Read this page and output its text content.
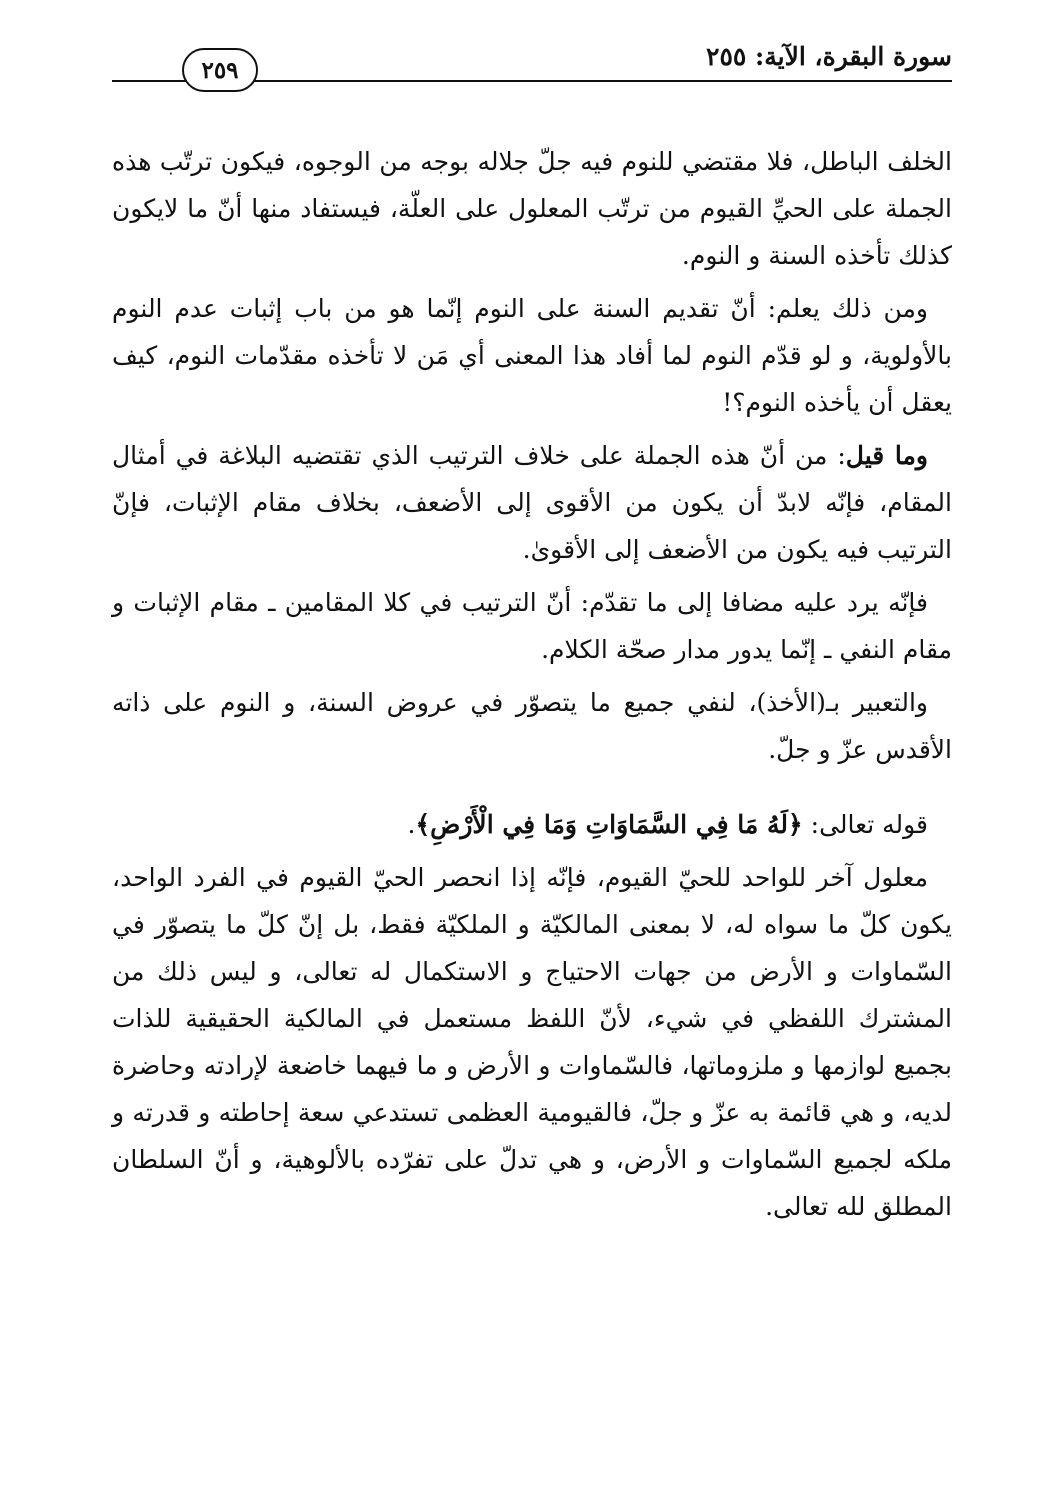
سورة البقرة، الآية: ٢٥٥
٢٥٩

الخلف الباطل، فلا مقتضي للنوم فيه جلّ جلاله بوجه من الوجوه، فيكون ترتّب هذه الجملة على الحيِّ القيوم من ترتّب المعلول على العلّة، فيستفاد منها أنّ ما لايكون كذلك تأخذه السنة و النوم.

ومن ذلك يعلم: أنّ تقديم السنة على النوم إنّما هو من باب إثبات عدم النوم بالأولوية، و لو قدّم النوم لما أفاد هذا المعنى أي مَن لا تأخذه مقدّمات النوم، كيف يعقل أن يأخذه النوم؟!

وما قيل: من أنّ هذه الجملة على خلاف الترتيب الذي تقتضيه البلاغة في أمثال المقام، فإنّه لابدّ أن يكون من الأقوى إلى الأضعف، بخلاف مقام الإثبات، فإنّ الترتيب فيه يكون من الأضعف إلى الأقوىٰ.

فإنّه يرد عليه مضافا إلى ما تقدّم: أنّ الترتيب في كلا المقامين ـ مقام الإثبات و مقام النفي ـ إنّما يدور مدار صحّة الكلام.

والتعبير بـ(الأخذ)، لنفي جميع ما يتصوّر في عروض السنة، و النوم على ذاته الأقدس عزّ و جلّ.

قوله تعالى: ﴿لَهُ مَا فِي السَّمَاوَاتِ وَمَا فِي الْأَرْضِ﴾.

معلول آخر للواحد للحيّ القيوم، فإنّه إذا انحصر الحيّ القيوم في الفرد الواحد، يكون كلّ ما سواه له، لا بمعنى المالكيّة و الملكيّة فقط، بل إنّ كلّ ما يتصوّر في السّماوات و الأرض من جهات الاحتياج و الاستكمال له تعالى، و ليس ذلك من المشترك اللفظي في شيء، لأنّ اللفظ مستعمل في المالكية الحقيقية للذات بجميع لوازمها و ملزوماتها، فالسّماوات و الأرض و ما فيهما خاضعة لإرادته وحاضرة لديه، و هي قائمة به عزّ و جلّ، فالقيومية العظمى تستدعي سعة إحاطته و قدرته و ملكه لجميع السّماوات و الأرض، و هي تدلّ على تفرّده بالألوهية، و أنّ السلطان المطلق لله تعالى.
